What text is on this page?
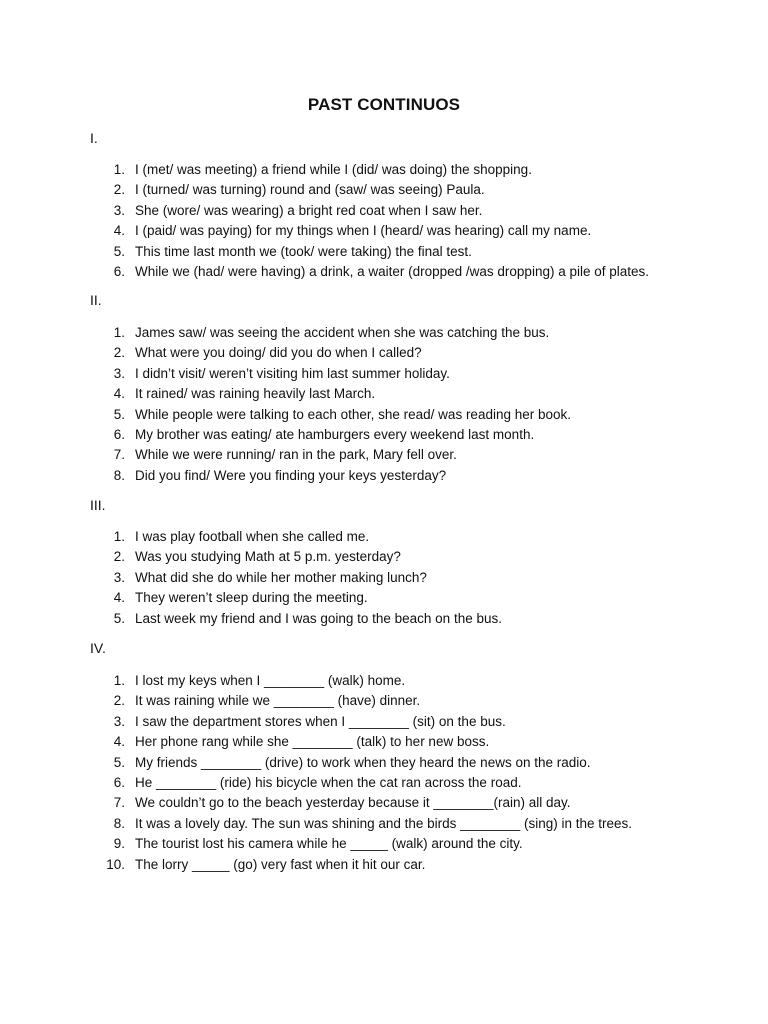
PAST CONTINUOS
I.
1. I (met/ was meeting) a friend while I (did/ was doing) the shopping.
2. I (turned/ was turning) round and (saw/ was seeing) Paula.
3. She (wore/ was wearing) a bright red coat when I saw her.
4. I (paid/ was paying) for my things when I (heard/ was hearing) call my name.
5. This time last month we (took/ were taking) the final test.
6. While we (had/ were having) a drink, a waiter (dropped /was dropping) a pile of plates.
II.
1. James saw/ was seeing the accident when she was catching the bus.
2. What were you doing/ did you do when I called?
3. I didn’t visit/ weren’t visiting him last summer holiday.
4. It rained/ was raining heavily last March.
5. While people were talking to each other, she read/ was reading her book.
6. My brother was eating/ ate hamburgers every weekend last month.
7. While we were running/ ran in the park, Mary fell over.
8. Did you find/ Were you finding your keys yesterday?
III.
1. I was play football when she called me.
2. Was you studying Math at 5 p.m. yesterday?
3. What did she do while her mother making lunch?
4. They weren’t sleep during the meeting.
5. Last week my friend and I was going to the beach on the bus.
IV.
1. I lost my keys when I ________ (walk) home.
2. It was raining while we ________ (have) dinner.
3. I saw the department stores when I ________ (sit) on the bus.
4. Her phone rang while she ________ (talk) to her new boss.
5. My friends ________ (drive) to work when they heard the news on the radio.
6. He ________ (ride) his bicycle when the cat ran across the road.
7. We couldn’t go to the beach yesterday because it ________(rain) all day.
8. It was a lovely day. The sun was shining and the birds ________ (sing) in the trees.
9. The tourist lost his camera while he _____ (walk) around the city.
10. The lorry _____ (go) very fast when it hit our car.
